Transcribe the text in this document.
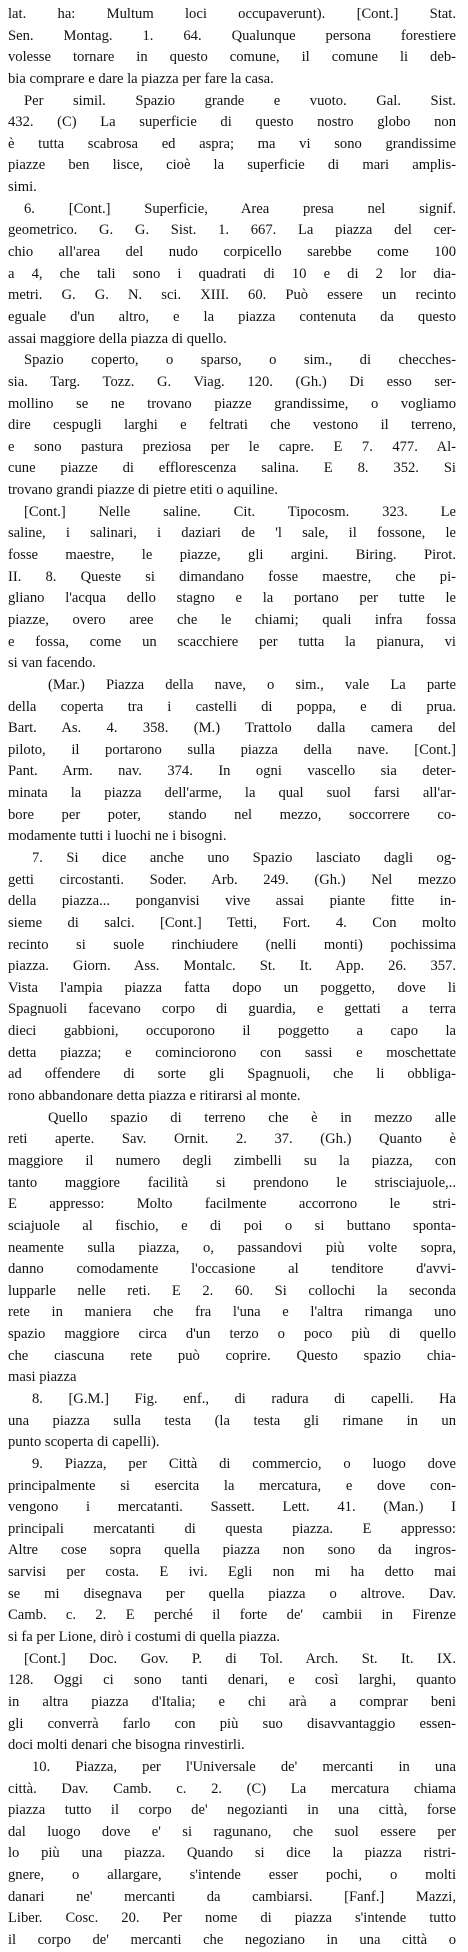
lat. ha: Multum loci occupaverunt). [Cont.] Stat.
Sen. Montag. 1. 64. Qualunque persona forestiere
volesse tornare in questo comune, il comune li deb-
bia comprare e dare la piazza per fare la casa.
Per simil. Spazio grande e vuoto. Gal. Sist.
432. (C) La superficie di questo nostro globo non
è tutta scabrosa ed aspra; ma vi sono grandissime
piazze ben lisce, cioè la superficie di mari amplis-
simi.
6. [Cont.] Superficie, Area presa nel signif.
geometrico. G. G. Sist. 1. 667. La piazza del cer-
chio all'area del nudo corpicello sarebbe come 100
a 4, che tali sono i quadrati di 10 e di 2 lor dia-
metri. G. G. N. sci. XIII. 60. Può essere un recinto
eguale d'un altro, e la piazza contenuta da questo
assai maggiore della piazza di quello.
Spazio coperto, o sparso, o sim., di checches-
sia. Targ. Tozz. G. Viag. 120. (Gh.) Di esso ser-
mollino se ne trovano piazze grandissime, o vogliamo
dire cespugli larghi e feltrati che vestono il terreno,
e sono pastura preziosa per le capre. E 7. 477. Al-
cune piazze di efflorescenza salina. E 8. 352. Si
trovano grandi piazze di pietre etiti o aquiline.
[Cont.] Nelle saline. Cit. Tipocosm. 323. Le
saline, i salinari, i daziari de 'l sale, il fossone, le
fosse maestre, le piazze, gli argini. Biring. Pirot.
II. 8. Queste si dimandano fosse maestre, che pi-
gliano l'acqua dello stagno e la portano per tutte le
piazze, overo aree che le chiami; quali infra fossa
e fossa, come un scacchiere per tutta la pianura, vi
si van facendo.
(Mar.) Piazza della nave, o sim., vale La parte
della coperta tra i castelli di poppa, e di prua.
Bart. As. 4. 358. (M.) Trattolo dalla camera del
piloto, il portarono sulla piazza della nave. [Cont.]
Pant. Arm. nav. 374. In ogni vascello sia deter-
minata la piazza dell'arme, la qual suol farsi all'ar-
bore per poter, stando nel mezzo, soccorrere co-
modamente tutti i luochi ne i bisogni.
7. Si dice anche uno Spazio lasciato dagli og-
getti circostanti. Soder. Arb. 249. (Gh.) Nel mezzo
della piazza... ponganvisi vive assai piante fitte in-
sieme di salci. [Cont.] Tetti, Fort. 4. Con molto
recinto si suole rinchiudere (nelli monti) pochissima
piazza. Giorn. Ass. Montalc. St. It. App. 26. 357.
Vista l'ampia piazza fatta dopo un poggetto, dove li
Spagnuoli facevano corpo di guardia, e gettati a terra
dieci gabbioni, occuporono il poggetto a capo la
detta piazza; e cominciorono con sassi e moschettate
ad offendere di sorte gli Spagnuoli, che li obbliga-
rono abbandonare detta piazza e ritirarsi al monte.
Quello spazio di terreno che è in mezzo alle
reti aperte. Sav. Ornit. 2. 37. (Gh.) Quanto è
maggiore il numero degli zimbelli su la piazza, con
tanto maggiore facilità si prendono le strisciajuole,..
E appresso: Molto facilmente accorrono le stri-
sciajuole al fischio, e di poi o si buttano sponta-
neamente sulla piazza, o, passandovi più volte sopra,
danno comodamente l'occasione al tenditore d'avvi-
lupparle nelle reti. E 2. 60. Si collochi la seconda
rete in maniera che fra l'una e l'altra rimanga uno
spazio maggiore circa d'un terzo o poco più di quello
che ciascuna rete può coprire. Questo spazio chia-
masi piazza
8. [G.M.] Fig. enf., di radura di capelli. Ha
una piazza sulla testa (la testa gli rimane in un
punto scoperta di capelli).
9. Piazza, per Città di commercio, o luogo dove
principalmente si esercita la mercatura, e dove con-
vengono i mercatanti. Sassett. Lett. 41. (Man.) I
principali mercatanti di questa piazza. E appresso:
Altre cose sopra quella piazza non sono da ingros-
sarvisi per costa. E ivi. Egli non mi ha detto mai
se mi disegnava per quella piazza o altrove. Dav.
Camb. c. 2. E perché il forte de' cambii in Firenze
si fa per Lione, dirò i costumi di quella piazza.
[Cont.] Doc. Gov. P. di Tol. Arch. St. It. IX.
128. Oggi ci sono tanti denari, e così larghi, quanto
in altra piazza d'Italia; e chi arà a comprar beni
gli converrà farlo con più suo disavvantaggio essen-
doci molti denari che bisogna rinvestirli.
10. Piazza, per l'Universale de' mercanti in una
città. Dav. Camb. c. 2. (C) La mercatura chiama
piazza tutto il corpo de' negozianti in una città, forse
dal luogo dove e' si ragunano, che suol essere per
lo più una piazza. Quando si dice la piazza ristri-
gnere, o allargare, s'intende esser pochi, o molti
danari ne' mercanti da cambiarsi. [Fanf.] Mazzi,
Liber. Cosc. 20. Per nome di piazza s'intende tutto
il corpo de' mercanti che negoziano in una città o
